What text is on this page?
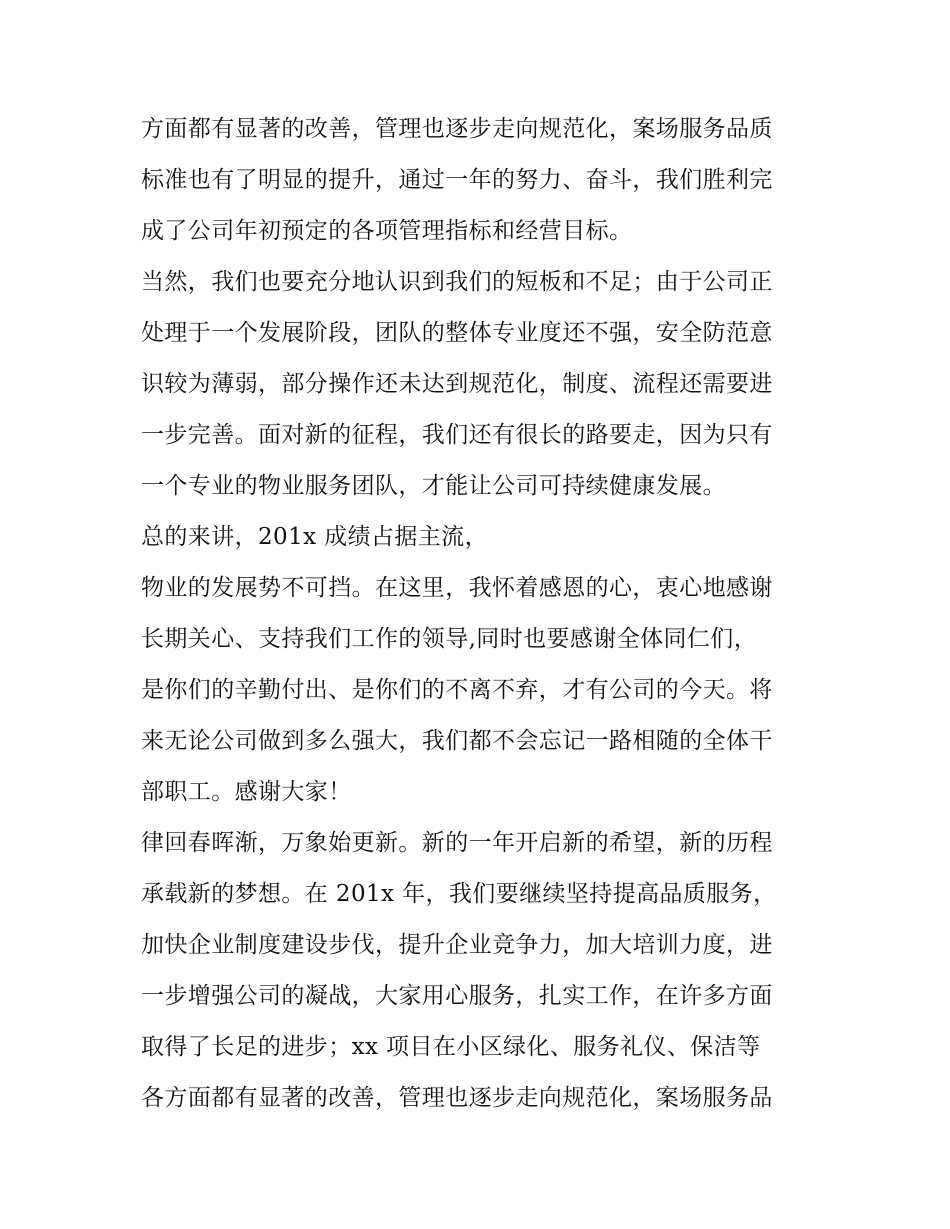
方面都有显著的改善，管理也逐步走向规范化，案场服务品质
标准也有了明显的提升，通过一年的努力、奋斗，我们胜利完
成了公司年初预定的各项管理指标和经营目标。
当然，我们也要充分地认识到我们的短板和不足；由于公司正
处理于一个发展阶段，团队的整体专业度还不强，安全防范意
识较为薄弱，部分操作还未达到规范化，制度、流程还需要进
一步完善。面对新的征程，我们还有很长的路要走，因为只有
一个专业的物业服务团队，才能让公司可持续健康发展。
总的来讲，201x 成绩占据主流，
物业的发展势不可挡。在这里，我怀着感恩的心，衷心地感谢
长期关心、支持我们工作的领导,同时也要感谢全体同仁们，
是你们的辛勤付出、是你们的不离不弃，才有公司的今天。将
来无论公司做到多么强大，我们都不会忘记一路相随的全体干
部职工。感谢大家！
律回春晖渐，万象始更新。新的一年开启新的希望，新的历程
承载新的梦想。在 201x 年，我们要继续坚持提高品质服务，
加快企业制度建设步伐，提升企业竞争力，加大培训力度，进
一步增强公司的凝战，大家用心服务，扎实工作，在许多方面
取得了长足的进步；xx 项目在小区绿化、服务礼仪、保洁等
各方面都有显著的改善，管理也逐步走向规范化，案场服务品
